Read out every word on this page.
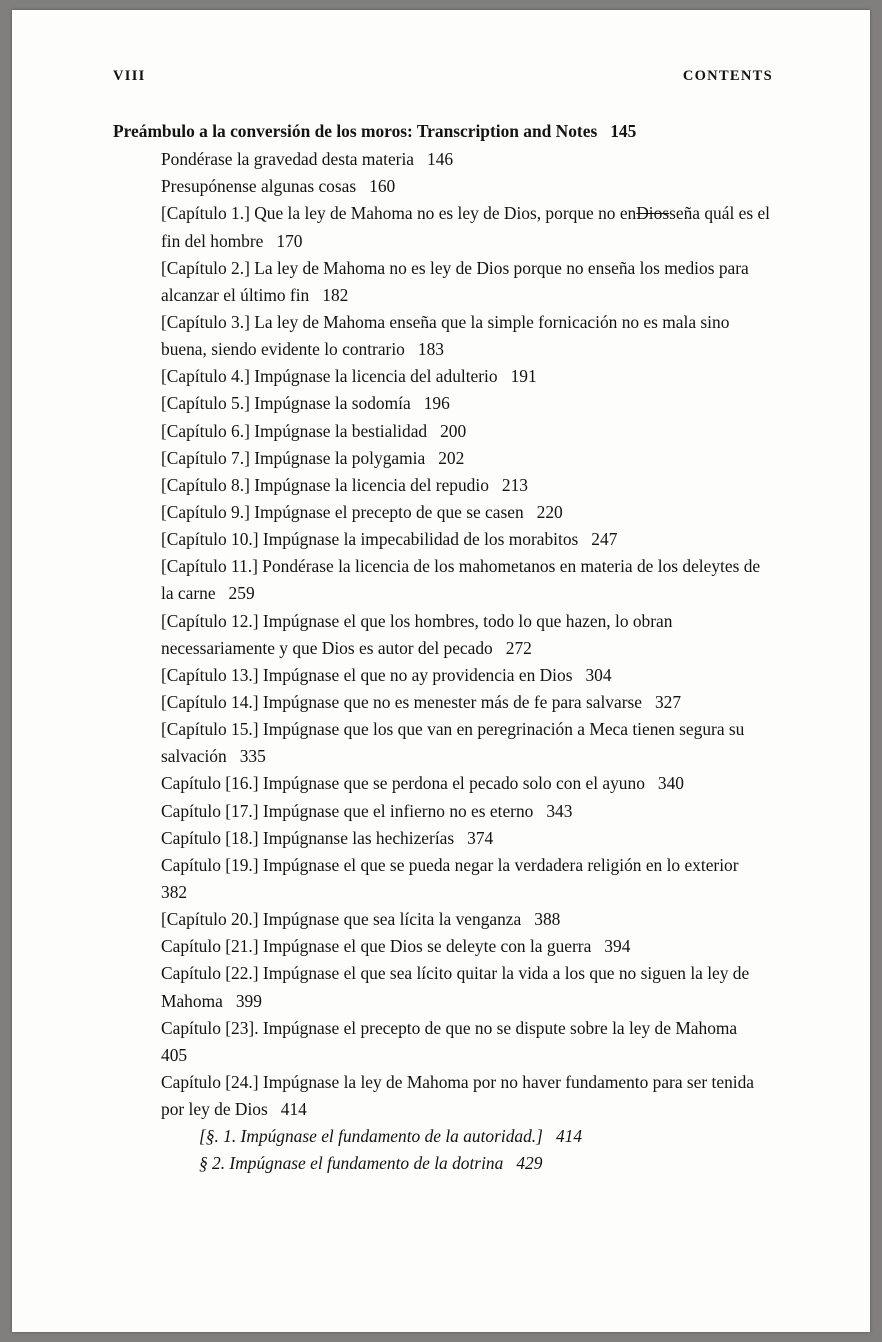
VIII	CONTENTS
Preámbulo a la conversión de los moros: Transcription and Notes 145
Pondérase la gravedad desta materia 146
Presupónense algunas cosas 160
[Capítulo 1.] Que la ley de Mahoma no es ley de Dios, porque no enDiosseña quál es el fin del hombre 170
[Capítulo 2.] La ley de Mahoma no es ley de Dios porque no enseña los medios para alcanzar el último fin 182
[Capítulo 3.] La ley de Mahoma enseña que la simple fornicación no es mala sino buena, siendo evidente lo contrario 183
[Capítulo 4.] Impúgnase la licencia del adulterio 191
[Capítulo 5.] Impúgnase la sodomía 196
[Capítulo 6.] Impúgnase la bestialidad 200
[Capítulo 7.] Impúgnase la polygamia 202
[Capítulo 8.] Impúgnase la licencia del repudio 213
[Capítulo 9.] Impúgnase el precepto de que se casen 220
[Capítulo 10.] Impúgnase la impecabilidad de los morabitos 247
[Capítulo 11.] Pondérase la licencia de los mahometanos en materia de los deleytes de la carne 259
[Capítulo 12.] Impúgnase el que los hombres, todo lo que hazen, lo obran necessariamente y que Dios es autor del pecado 272
[Capítulo 13.] Impúgnase el que no ay providencia en Dios 304
[Capítulo 14.] Impúgnase que no es menester más de fe para salvarse 327
[Capítulo 15.] Impúgnase que los que van en peregrinación a Meca tienen segura su salvación 335
Capítulo [16.] Impúgnase que se perdona el pecado solo con el ayuno 340
Capítulo [17.] Impúgnase que el infierno no es eterno 343
Capítulo [18.] Impúgnanse las hechizerías 374
Capítulo [19.] Impúgnase el que se pueda negar la verdadera religión en lo exterior382
[Capítulo 20.] Impúgnase que sea lícita la venganza 388
Capítulo [21.] Impúgnase el que Dios se deleyte con la guerra 394
Capítulo [22.] Impúgnase el que sea lícito quitar la vida a los que no siguen la ley de Mahoma 399
Capítulo [23]. Impúgnase el precepto de que no se dispute sobre la ley de Mahoma405
Capítulo [24.] Impúgnase la ley de Mahoma por no haver fundamento para ser tenida por ley de Dios 414
[§. 1. Impúgnase el fundamento de la autoridad.] 414
§ 2. Impúgnase el fundamento de la dotrina 429
